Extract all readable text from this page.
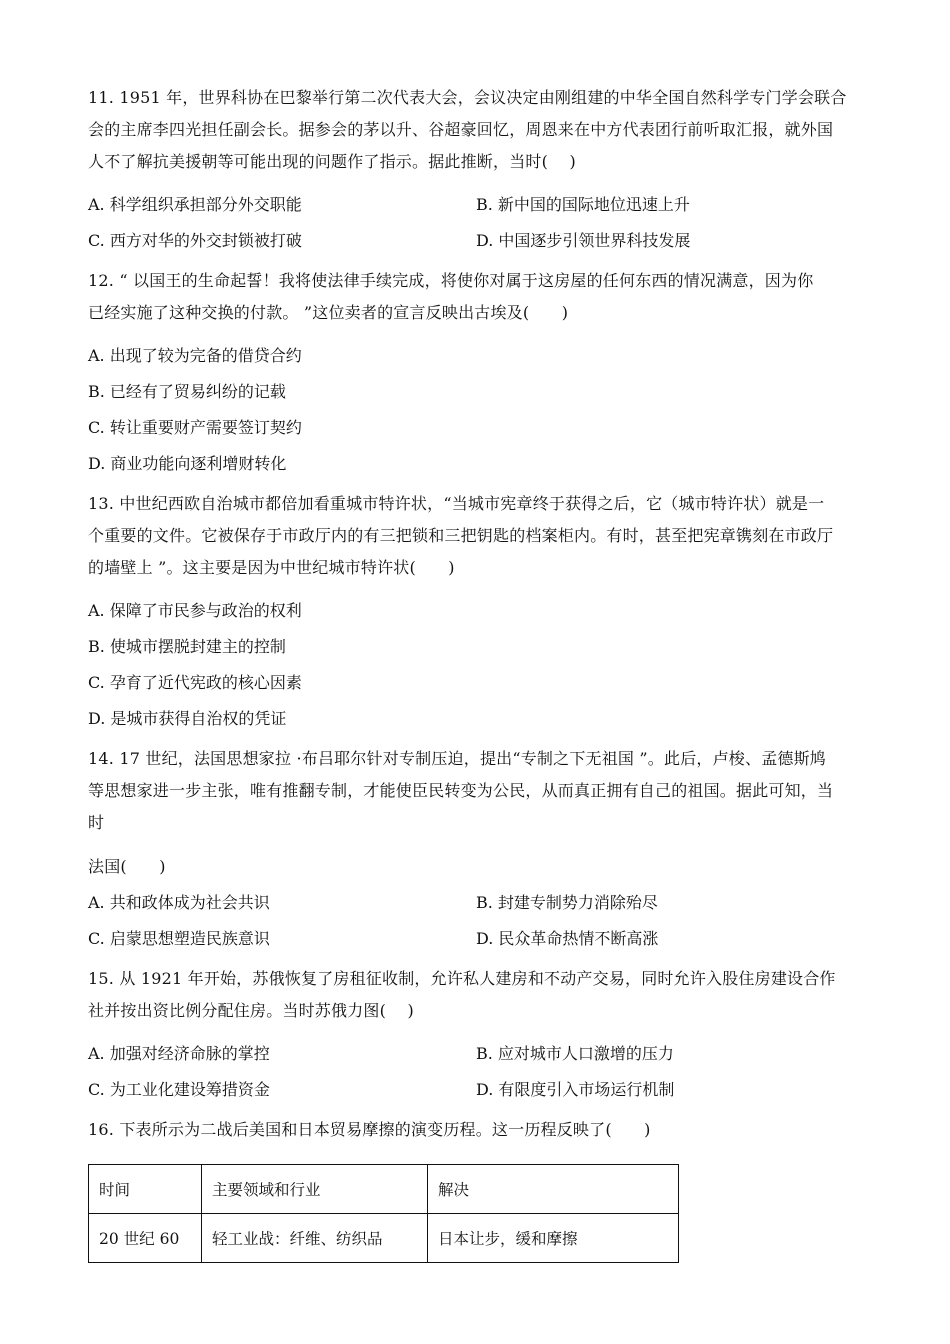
11. 1951 年，世界科协在巴黎举行第二次代表大会，会议决定由刚组建的中华全国自然科学专门学会联合
会的主席李四光担任副会长。据参会的茅以升、谷超豪回忆，周恩来在中方代表团行前听取汇报，就外国
人不了解抗美援朝等可能出现的问题作了指示。据此推断，当时(　 )
A. 科学组织承担部分外交职能	B. 新中国的国际地位迅速上升
C. 西方对华的外交封锁被打破	D. 中国逐步引领世界科技发展
12. “ 以国王的生命起誓！我将使法律手续完成，将使你对属于这房屋的任何东西的情况满意，因为你
已经实施了这种交换的付款。 ”这位卖者的宣言反映出古埃及(　　)
A. 出现了较为完备的借贷合约
B. 已经有了贸易纠纷的记载
C. 转让重要财产需要签订契约
D. 商业功能向逐利增财转化
13. 中世纪西欧自治城市都倍加看重城市特许状，“当城市宪章终于获得之后，它（城市特许状）就是一
个重要的文件。它被保存于市政厅内的有三把锁和三把钥匙的档案柜内。有时，甚至把宪章镌刻在市政厅
的墙壁上 ”。这主要是因为中世纪城市特许状(　　)
A. 保障了市民参与政治的权利
B. 使城市摆脱封建主的控制
C. 孕育了近代宪政的核心因素
D. 是城市获得自治权的凭证
14. 17 世纪，法国思想家拉 ·布吕耶尔针对专制压迫，提出“专制之下无祖国 ”。此后，卢梭、孟德斯鸠
等思想家进一步主张，唯有推翻专制，才能使臣民转变为公民，从而真正拥有自己的祖国。据此可知，当
时
法国(　　)
A. 共和政体成为社会共识	B. 封建专制势力消除殆尽
C. 启蒙思想塑造民族意识	D. 民众革命热情不断高涨
15. 从 1921 年开始，苏俄恢复了房租征收制，允许私人建房和不动产交易，同时允许入股住房建设合作
社并按出资比例分配住房。当时苏俄力图(　 )
A. 加强对经济命脉的掌控	B. 应对城市人口激增的压力
C. 为工业化建设筹措资金	D. 有限度引入市场运行机制
16. 下表所示为二战后美国和日本贸易摩擦的演变历程。这一历程反映了(　　)
时间	主要领域和行业	解决
20 世纪 60	轻工业战：纤维、纺织品	日本让步，缓和摩擦
